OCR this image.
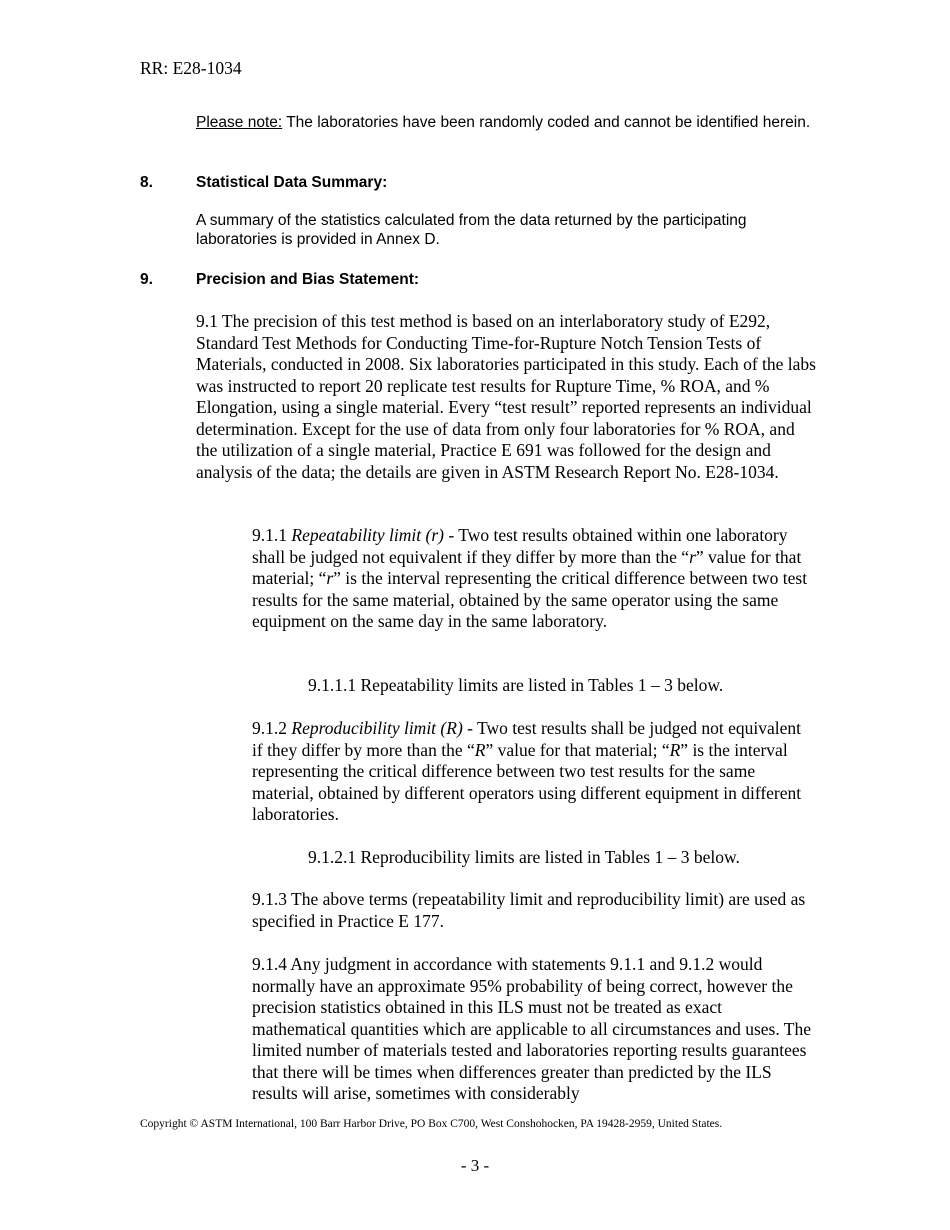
RR: E28-1034

Please note: The laboratories have been randomly coded and cannot be identified herein.

8.	Statistical Data Summary:

A summary of the statistics calculated from the data returned by the participating laboratories is provided in Annex D.

9.	Precision and Bias Statement:

9.1 The precision of this test method is based on an interlaboratory study of E292, Standard Test Methods for Conducting Time-for-Rupture Notch Tension Tests of Materials, conducted in 2008. Six laboratories participated in this study. Each of the labs was instructed to report 20 replicate test results for Rupture Time, % ROA, and % Elongation, using a single material. Every “test result” reported represents an individual determination. Except for the use of data from only four laboratories for % ROA, and the utilization of a single material, Practice E 691 was followed for the design and analysis of the data; the details are given in ASTM Research Report No. E28-1034.

9.1.1 Repeatability limit (r) - Two test results obtained within one laboratory shall be judged not equivalent if they differ by more than the “r” value for that material; “r” is the interval representing the critical difference between two test results for the same material, obtained by the same operator using the same equipment on the same day in the same laboratory.

9.1.1.1 Repeatability limits are listed in Tables 1 – 3 below.

9.1.2 Reproducibility limit (R) - Two test results shall be judged not equivalent if they differ by more than the “R” value for that material; “R” is the interval representing the critical difference between two test results for the same material, obtained by different operators using different equipment in different laboratories.

9.1.2.1 Reproducibility limits are listed in Tables 1 – 3 below.

9.1.3 The above terms (repeatability limit and reproducibility limit) are used as specified in Practice E 177.

9.1.4 Any judgment in accordance with statements 9.1.1 and 9.1.2 would normally have an approximate 95% probability of being correct, however the precision statistics obtained in this ILS must not be treated as exact mathematical quantities which are applicable to all circumstances and uses. The limited number of materials tested and laboratories reporting results guarantees that there will be times when differences greater than predicted by the ILS results will arise, sometimes with considerably

Copyright © ASTM International, 100 Barr Harbor Drive, PO Box C700, West Conshohocken, PA 19428-2959, United States.
- 3 -
